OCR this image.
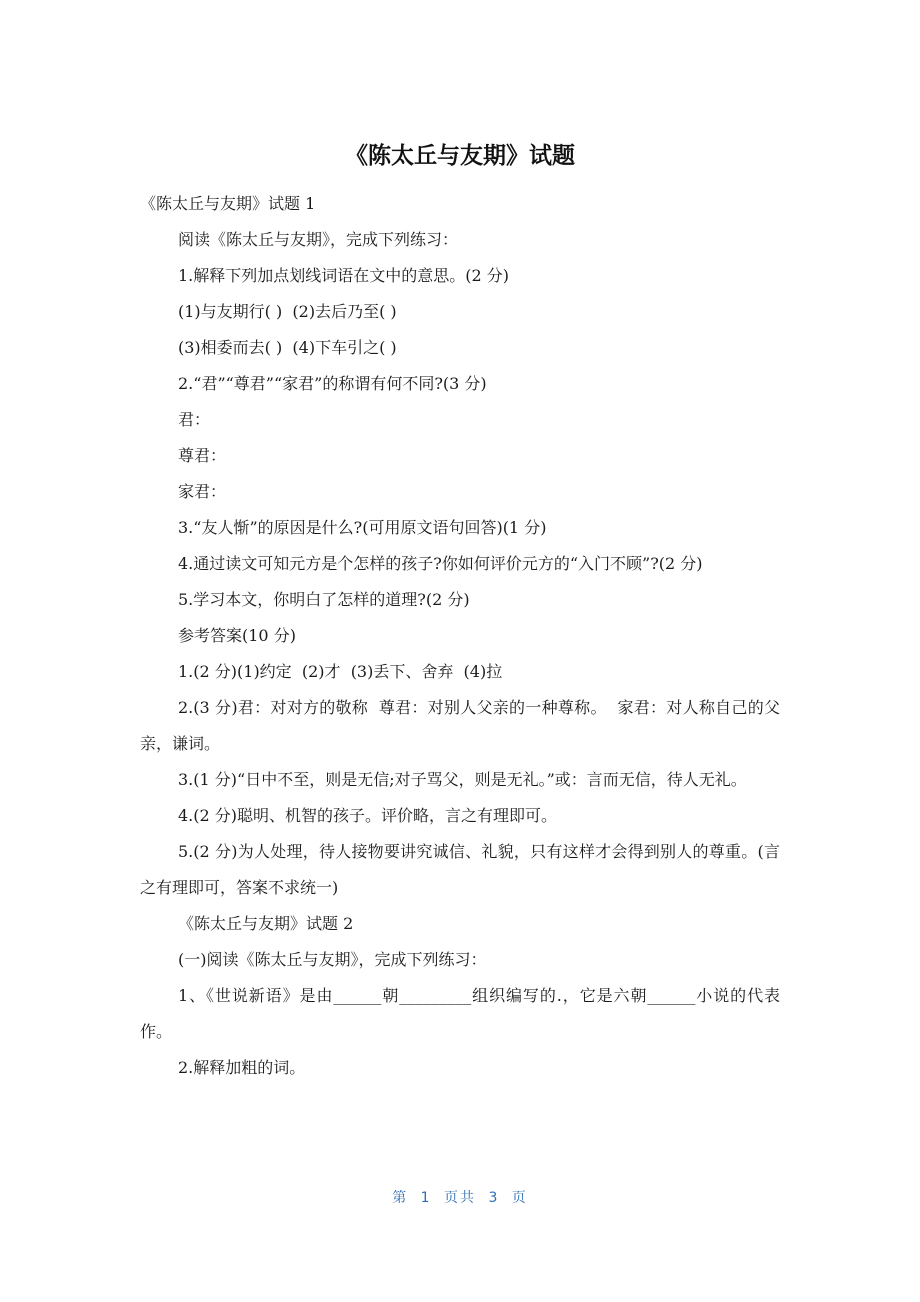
《陈太丘与友期》试题

《陈太丘与友期》试题 1

阅读《陈太丘与友期》，完成下列练习：

1.解释下列加点划线词语在文中的意思。(2 分)

(1)与友期行( )  (2)去后乃至( )

(3)相委而去( )  (4)下车引之( )

2.“君”“尊君”“家君”的称谓有何不同?(3 分)

君：

尊君：

家君：

3.“友人惭”的原因是什么?(可用原文语句回答)(1 分)

4.通过读文可知元方是个怎样的孩子?你如何评价元方的“入门不顾”?(2 分)

5.学习本文，你明白了怎样的道理?(2 分)

参考答案(10 分)

1.(2 分)(1)约定  (2)才  (3)丢下、舍弃  (4)拉

2.(3 分)君：对对方的敬称  尊君：对别人父亲的一种尊称。  家君：对人称自己的父亲，谦词。

3.(1 分)“日中不至，则是无信;对子骂父，则是无礼。”或：言而无信，待人无礼。

4.(2 分)聪明、机智的孩子。评价略，言之有理即可。

5.(2 分)为人处理，待人接物要讲究诚信、礼貌，只有这样才会得到别人的尊重。(言之有理即可，答案不求统一)

《陈太丘与友期》试题 2

(一)阅读《陈太丘与友期》，完成下列练习：

1、《世说新语》是由______朝_________组织编写的.，它是六朝______小说的代表作。

2.解释加粗的词。

第 1 页共 3 页
